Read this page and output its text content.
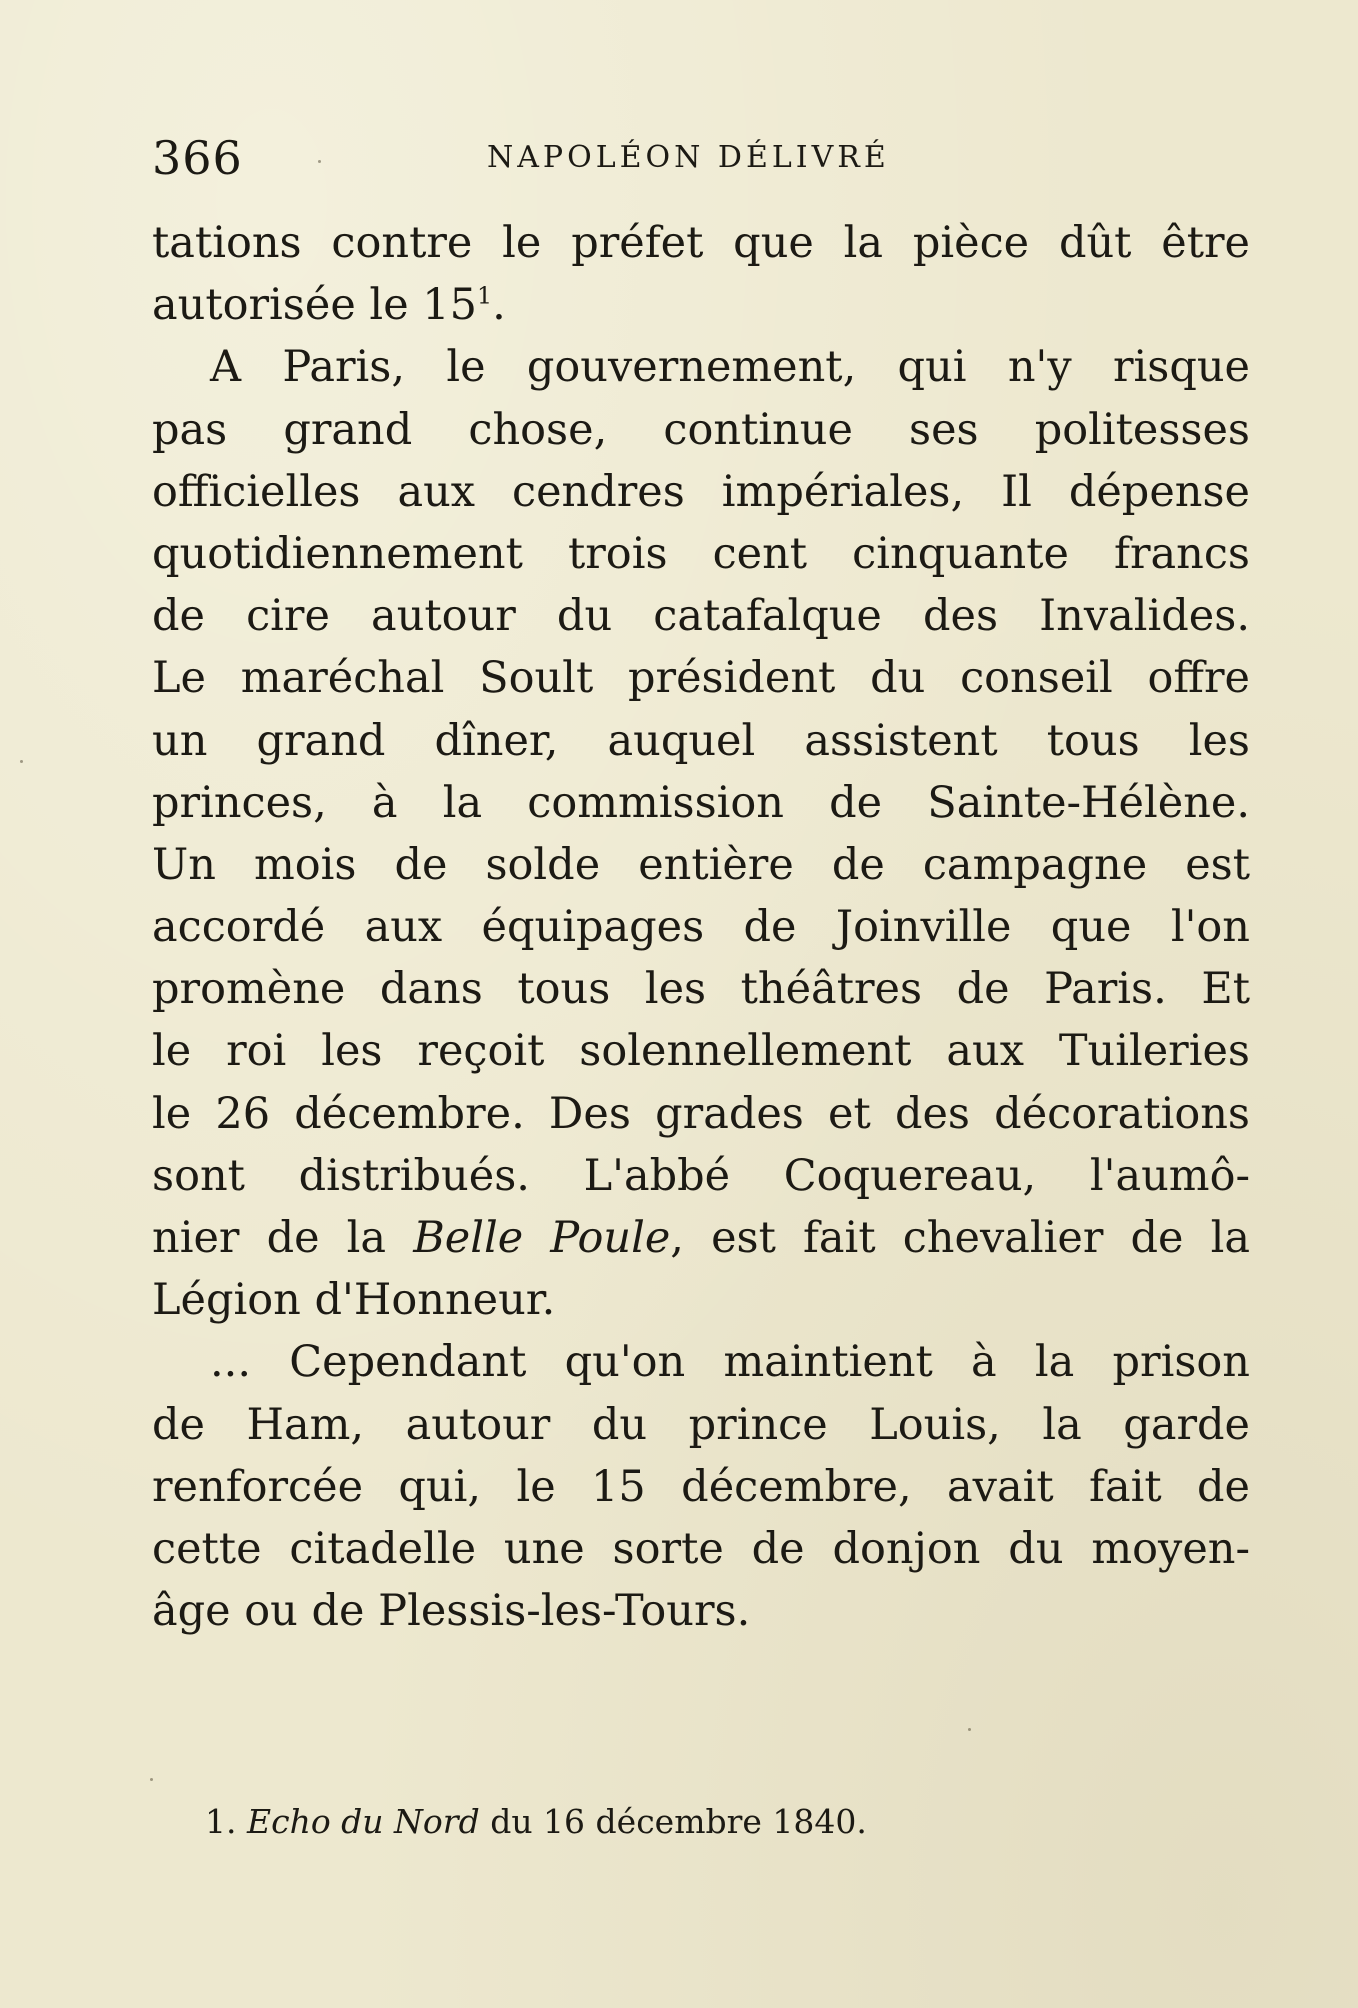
366	NAPOLÉON DÉLIVRÉ
tations contre le préfet que la pièce dût être
autorisée le $15^1$.
A Paris, le gouvernement, qui n'y risque
pas grand chose, continue ses politesses
officielles aux cendres impériales, Il dépense
quotidiennement trois cent cinquante francs
de cire autour du catafalque des Invalides.
Le maréchal Soult président du conseil offre
un grand dîner, auquel assistent tous les
princes, à la commission de Sainte-Hélène.
Un mois de solde entière de campagne est
accordé aux équipages de Joinville que l'on
promène dans tous les théâtres de Paris. Et
le roi les reçoit solennellement aux Tuileries
le 26 décembre. Des grades et des décorations
sont distribués. L'abbé Coquereau, l'aumô-
nier de la Belle Poule, est fait chevalier de la
Légion d'Honneur.
... Cependant qu'on maintient à la prison
de Ham, autour du prince Louis, la garde
renforcée qui, le 15 décembre, avait fait de
cette citadelle une sorte de donjon du moyen-
âge ou de Plessis-les-Tours.
1. Echo du Nord du 16 décembre 1840.
